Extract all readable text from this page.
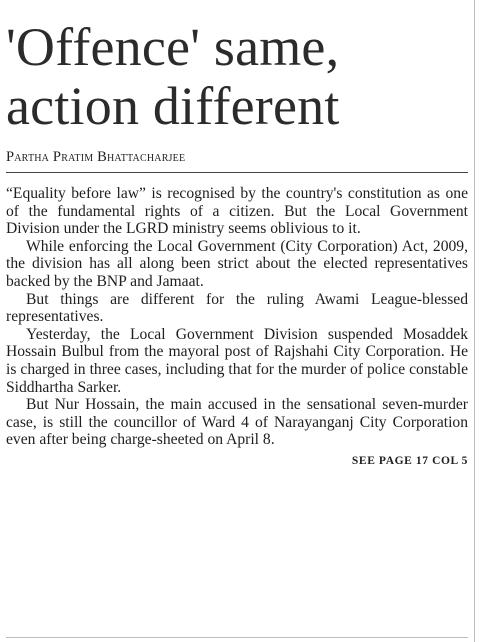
'Offence' same,
action different
Partha Pratim Bhattacharjee

“Equality before law” is recognised by the country's constitution as one of the fundamental rights of a citizen. But the Local Government Division under the LGRD ministry seems oblivious to it.

While enforcing the Local Government (City Corporation) Act, 2009, the division has all along been strict about the elected representatives backed by the BNP and Jamaat.

But things are different for the ruling Awami League-blessed representatives.

Yesterday, the Local Government Division suspended Mosaddek Hossain Bulbul from the mayoral post of Rajshahi City Corporation. He is charged in three cases, including that for the murder of police constable Siddhartha Sarker.

But Nur Hossain, the main accused in the sensational seven-murder case, is still the councillor of Ward 4 of Narayanganj City Corporation even after being charge-sheeted on April 8.

SEE PAGE 17 COL 5
